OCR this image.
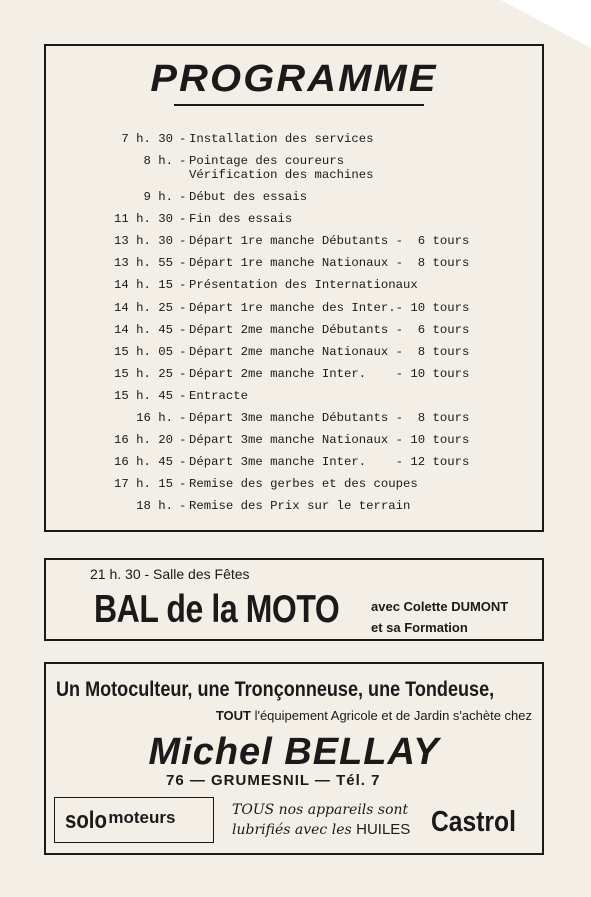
PROGRAMME
7 h. 30 - Installation des services
8 h. - Pointage des coureurs
Vérification des machines
9 h. - Début des essais
11 h. 30 - Fin des essais
13 h. 30 - Départ 1re manche Débutants -  6 tours
13 h. 55 - Départ 1re manche Nationaux -  8 tours
14 h. 15 - Présentation des Internationaux
14 h. 25 - Départ 1re manche des Inter.- 10 tours
14 h. 45 - Départ 2me manche Débutants -  6 tours
15 h. 05 - Départ 2me manche Nationaux -  8 tours
15 h. 25 - Départ 2me manche Inter.    - 10 tours
15 h. 45 - Entracte
16 h. - Départ 3me manche Débutants -  8 tours
16 h. 20 - Départ 3me manche Nationaux - 10 tours
16 h. 45 - Départ 3me manche Inter.    - 12 tours
17 h. 15 - Remise des gerbes et des coupes
18 h. - Remise des Prix sur le terrain
21 h. 30 - Salle des Fêtes
BAL de la MOTO avec Colette DUMONT
et sa Formation
Un Motoculteur, une Tronçonneuse, une Tondeuse,
TOUT l'équipement Agricole et de Jardin s'achète chez
Michel BELLAY
76 — GRUMESNIL — Tél. 7
solomoteurs	TOUS nos appareils sont
lubrifiés avec les HUILES Castrol
